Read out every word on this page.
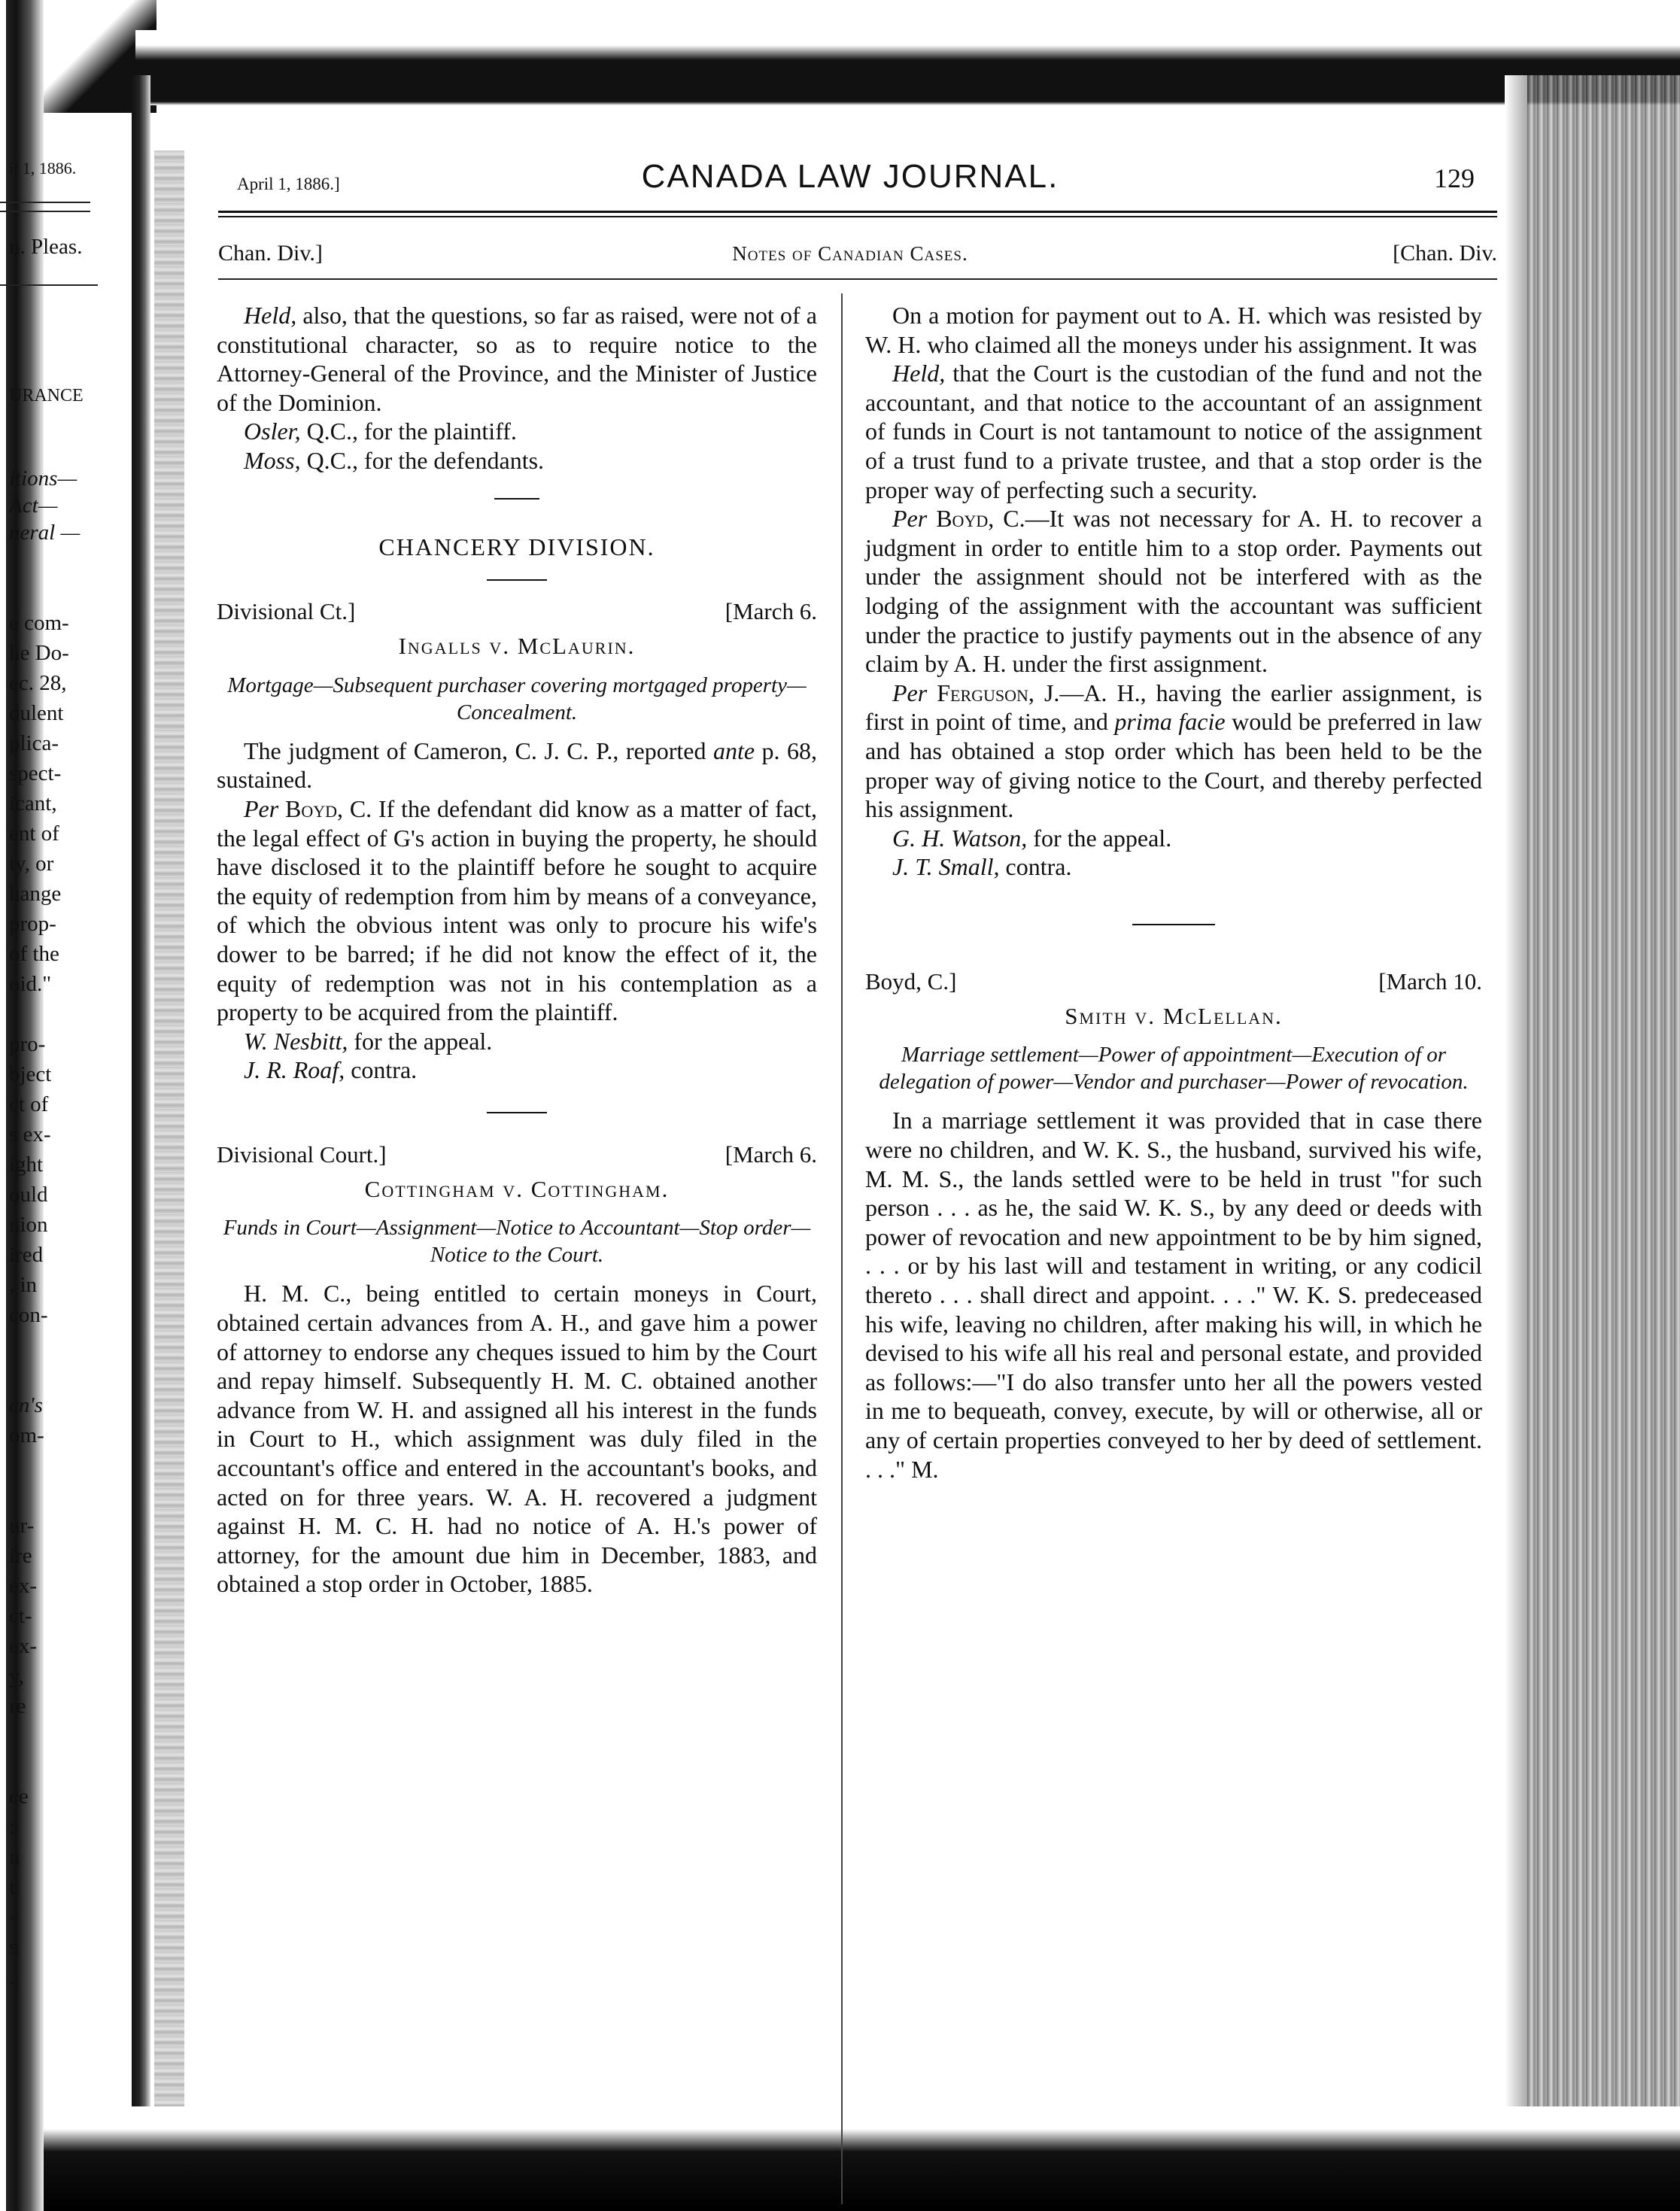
il 1, 1886.
n. Pleas.
URANCE
itions—
Act—
neral —
e com-
he Do-
ec. 28,
dulent
plica-
spect-
icant,
ent of
ty, or
hange
prop-
of the
oid."
pro-
bject
ct of
s ex-
ight
ould
nion
ired
, in
con-
en's
om-
ur-
ire
ex-
ct-
ex-
y,
re
ce
;
n
t
-
s
.
April 1, 1886.]	CANADA LAW JOURNAL.	129
Chan. Div.]	Notes of Canadian Cases.	[Chan. Div.

Held, also, that the questions, so far as raised, were not of a constitutional character, so as to require notice to the Attorney-General of the Province, and the Minister of Justice of the Dominion.

Osler, Q.C., for the plaintiff.

Moss, Q.C., for the defendants.

CHANCERY DIVISION.
Divisional Ct.]	[March 6.
Ingalls v. McLaurin.
Mortgage—Subsequent purchaser covering mortgaged property—Concealment.

The judgment of Cameron, C. J. C. P., reported ante p. 68, sustained.

Per Boyd, C. If the defendant did know as a matter of fact, the legal effect of G's action in buying the property, he should have disclosed it to the plaintiff before he sought to acquire the equity of redemption from him by means of a conveyance, of which the obvious intent was only to procure his wife's dower to be barred; if he did not know the effect of it, the equity of redemption was not in his contemplation as a property to be acquired from the plaintiff.

W. Nesbitt, for the appeal.

J. R. Roaf, contra.

Divisional Court.]	[March 6.
Cottingham v. Cottingham.
Funds in Court—Assignment—Notice to Accountant—Stop order—Notice to the Court.

H. M. C., being entitled to certain moneys in Court, obtained certain advances from A. H., and gave him a power of attorney to endorse any cheques issued to him by the Court and repay himself. Subsequently H. M. C. obtained another advance from W. H. and assigned all his interest in the funds in Court to H., which assignment was duly filed in the accountant's office and entered in the accountant's books, and acted on for three years. W. A. H. recovered a judgment against H. M. C. H. had no notice of A. H.'s power of attorney, for the amount due him in December, 1883, and obtained a stop order in October, 1885.

On a motion for payment out to A. H. which was resisted by W. H. who claimed all the moneys under his assignment. It was

Held, that the Court is the custodian of the fund and not the accountant, and that notice to the accountant of an assignment of funds in Court is not tantamount to notice of the assignment of a trust fund to a private trustee, and that a stop order is the proper way of perfecting such a security.

Per Boyd, C.—It was not necessary for A. H. to recover a judgment in order to entitle him to a stop order. Payments out under the assignment should not be interfered with as the lodging of the assignment with the accountant was sufficient under the practice to justify payments out in the absence of any claim by A. H. under the first assignment.

Per Ferguson, J.—A. H., having the earlier assignment, is first in point of time, and prima facie would be preferred in law and has obtained a stop order which has been held to be the proper way of giving notice to the Court, and thereby perfected his assignment.

G. H. Watson, for the appeal.

J. T. Small, contra.

Boyd, C.]	[March 10.
Smith v. McLellan.
Marriage settlement—Power of appointment—Execution of or delegation of power—Vendor and purchaser—Power of revocation.

In a marriage settlement it was provided that in case there were no children, and W. K. S., the husband, survived his wife, M. M. S., the lands settled were to be held in trust "for such person . . . as he, the said W. K. S., by any deed or deeds with power of revocation and new appointment to be by him signed, . . . or by his last will and testament in writing, or any codicil thereto . . . shall direct and appoint. . . ." W. K. S. predeceased his wife, leaving no children, after making his will, in which he devised to his wife all his real and personal estate, and provided as follows:—"I do also transfer unto her all the powers vested in me to bequeath, convey, execute, by will or otherwise, all or any of certain properties conveyed to her by deed of settlement. . . ." M.
